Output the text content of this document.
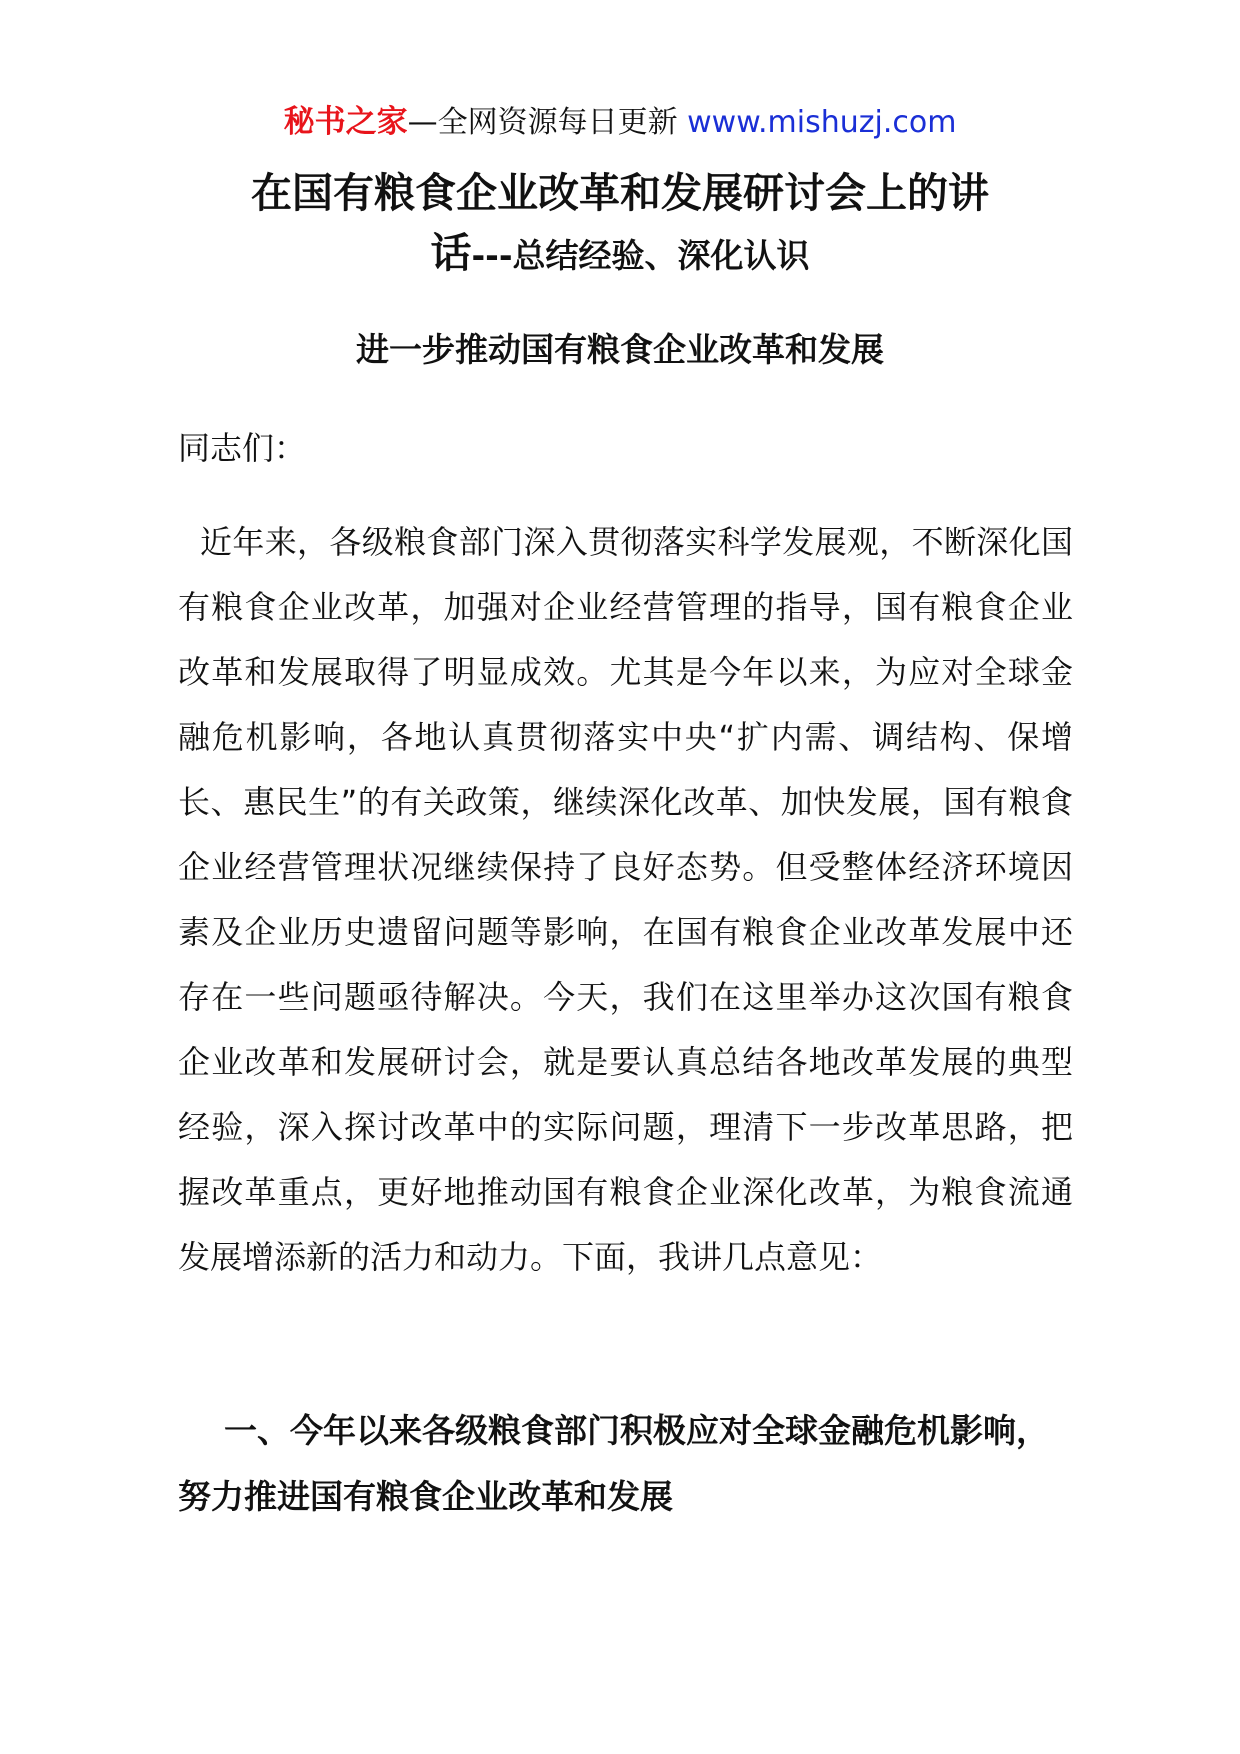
秘书之家—全网资源每日更新 www.mishuzj.com
在国有粮食企业改革和发展研讨会上的讲
话---总结经验、深化认识
进一步推动国有粮食企业改革和发展
同志们：
近年来，各级粮食部门深入贯彻落实科学发展观，不断深化国有粮食企业改革，加强对企业经营管理的指导，国有粮食企业改革和发展取得了明显成效。尤其是今年以来，为应对全球金融危机影响，各地认真贯彻落实中央“扩内需、调结构、保增长、惠民生”的有关政策，继续深化改革、加快发展，国有粮食企业经营管理状况继续保持了良好态势。但受整体经济环境因素及企业历史遗留问题等影响，在国有粮食企业改革发展中还存在一些问题亟待解决。今天，我们在这里举办这次国有粮食企业改革和发展研讨会，就是要认真总结各地改革发展的典型经验，深入探讨改革中的实际问题，理清下一步改革思路，把握改革重点，更好地推动国有粮食企业深化改革，为粮食流通发展增添新的活力和动力。下面，我讲几点意见：
一、今年以来各级粮食部门积极应对全球金融危机影响，努力推进国有粮食企业改革和发展
